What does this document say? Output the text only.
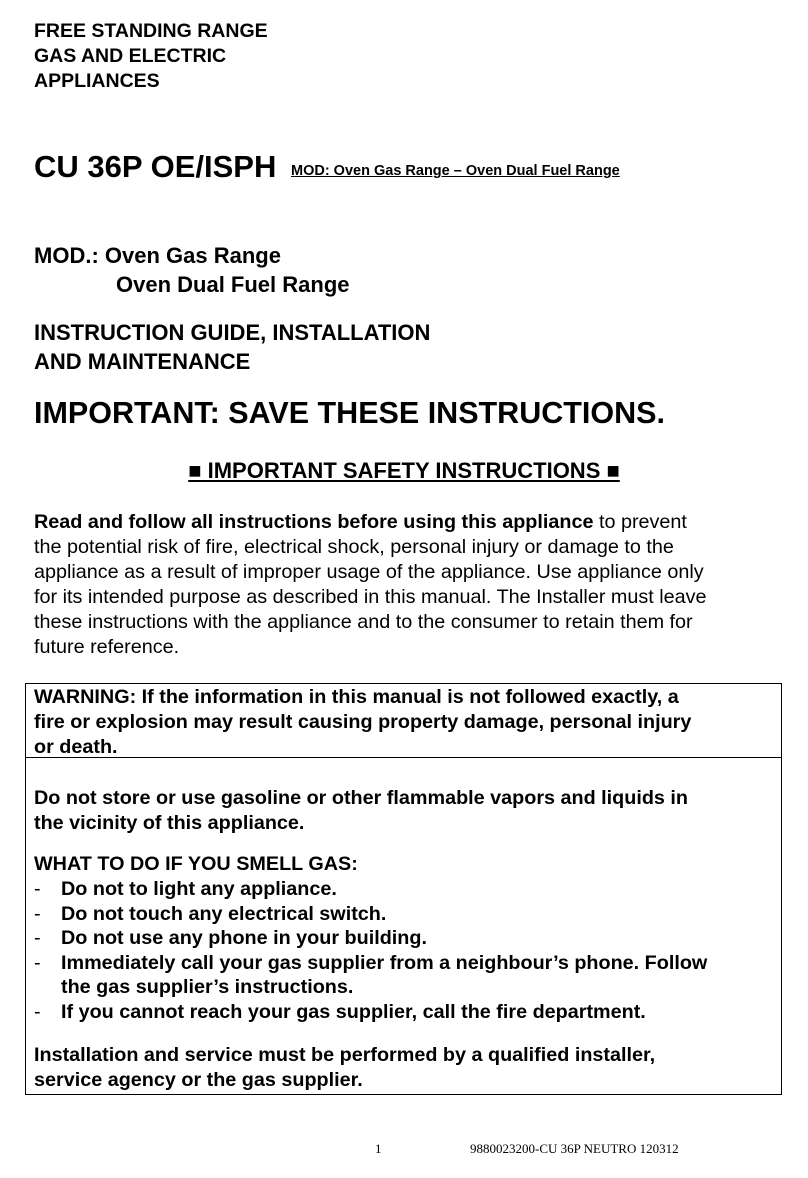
FREE STANDING RANGE
GAS AND ELECTRIC
APPLIANCES
CU 36P OE/ISPH MOD: Oven Gas Range – Oven Dual Fuel Range
MOD.: Oven Gas Range
Oven Dual Fuel Range
INSTRUCTION GUIDE, INSTALLATION
AND MAINTENANCE
IMPORTANT: SAVE THESE INSTRUCTIONS.
■ IMPORTANT SAFETY INSTRUCTIONS ■
Read and follow all instructions before using this appliance to prevent
the potential risk of fire, electrical shock, personal injury or damage to the
appliance as a result of improper usage of the appliance. Use appliance only
for its intended purpose as described in this manual. The Installer must leave
these instructions with the appliance and to the consumer to retain them for
future reference.
WARNING: If the information in this manual is not followed exactly, a
fire or explosion may result causing property damage, personal injury
or death.
Do not store or use gasoline or other flammable vapors and liquids in
the vicinity of this appliance.
WHAT TO DO IF YOU SMELL GAS:
- Do not to light any appliance.
- Do not touch any electrical switch.
- Do not use any phone in your building.
- Immediately call your gas supplier from a neighbour’s phone. Follow
the gas supplier’s instructions.
- If you cannot reach your gas supplier, call the fire department.
Installation and service must be performed by a qualified installer,
service agency or the gas supplier.
1	9880023200-CU 36P NEUTRO 120312
